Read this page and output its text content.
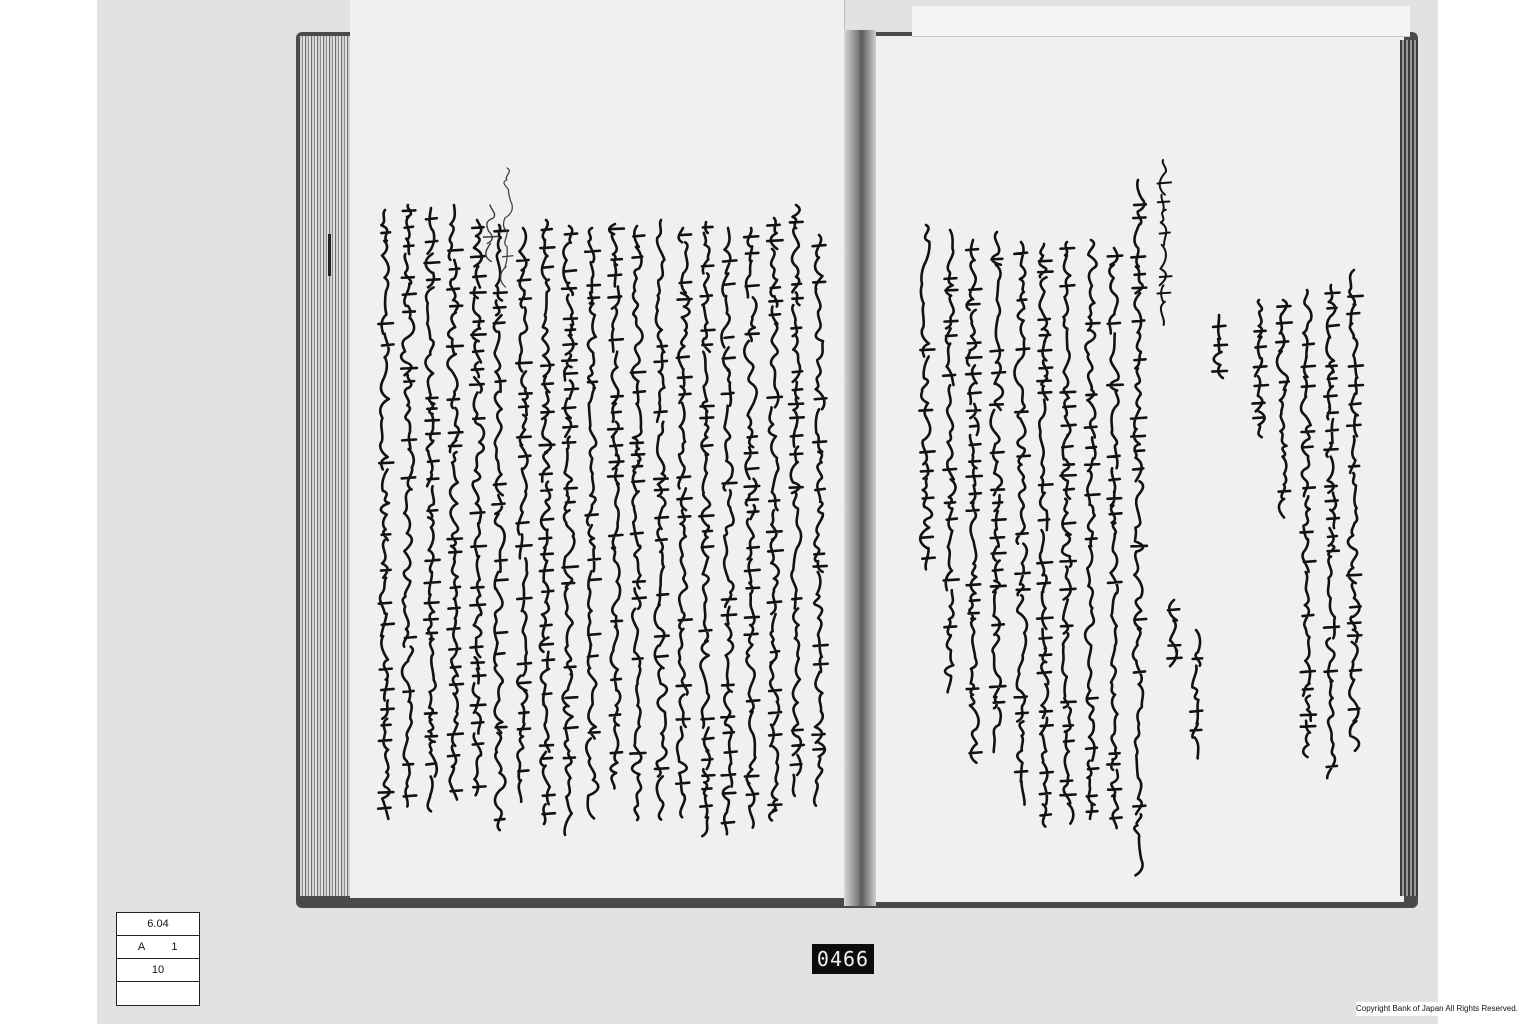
6.04
A 1
10	0466
Copyright Bank of Japan All Rights Reserved.
